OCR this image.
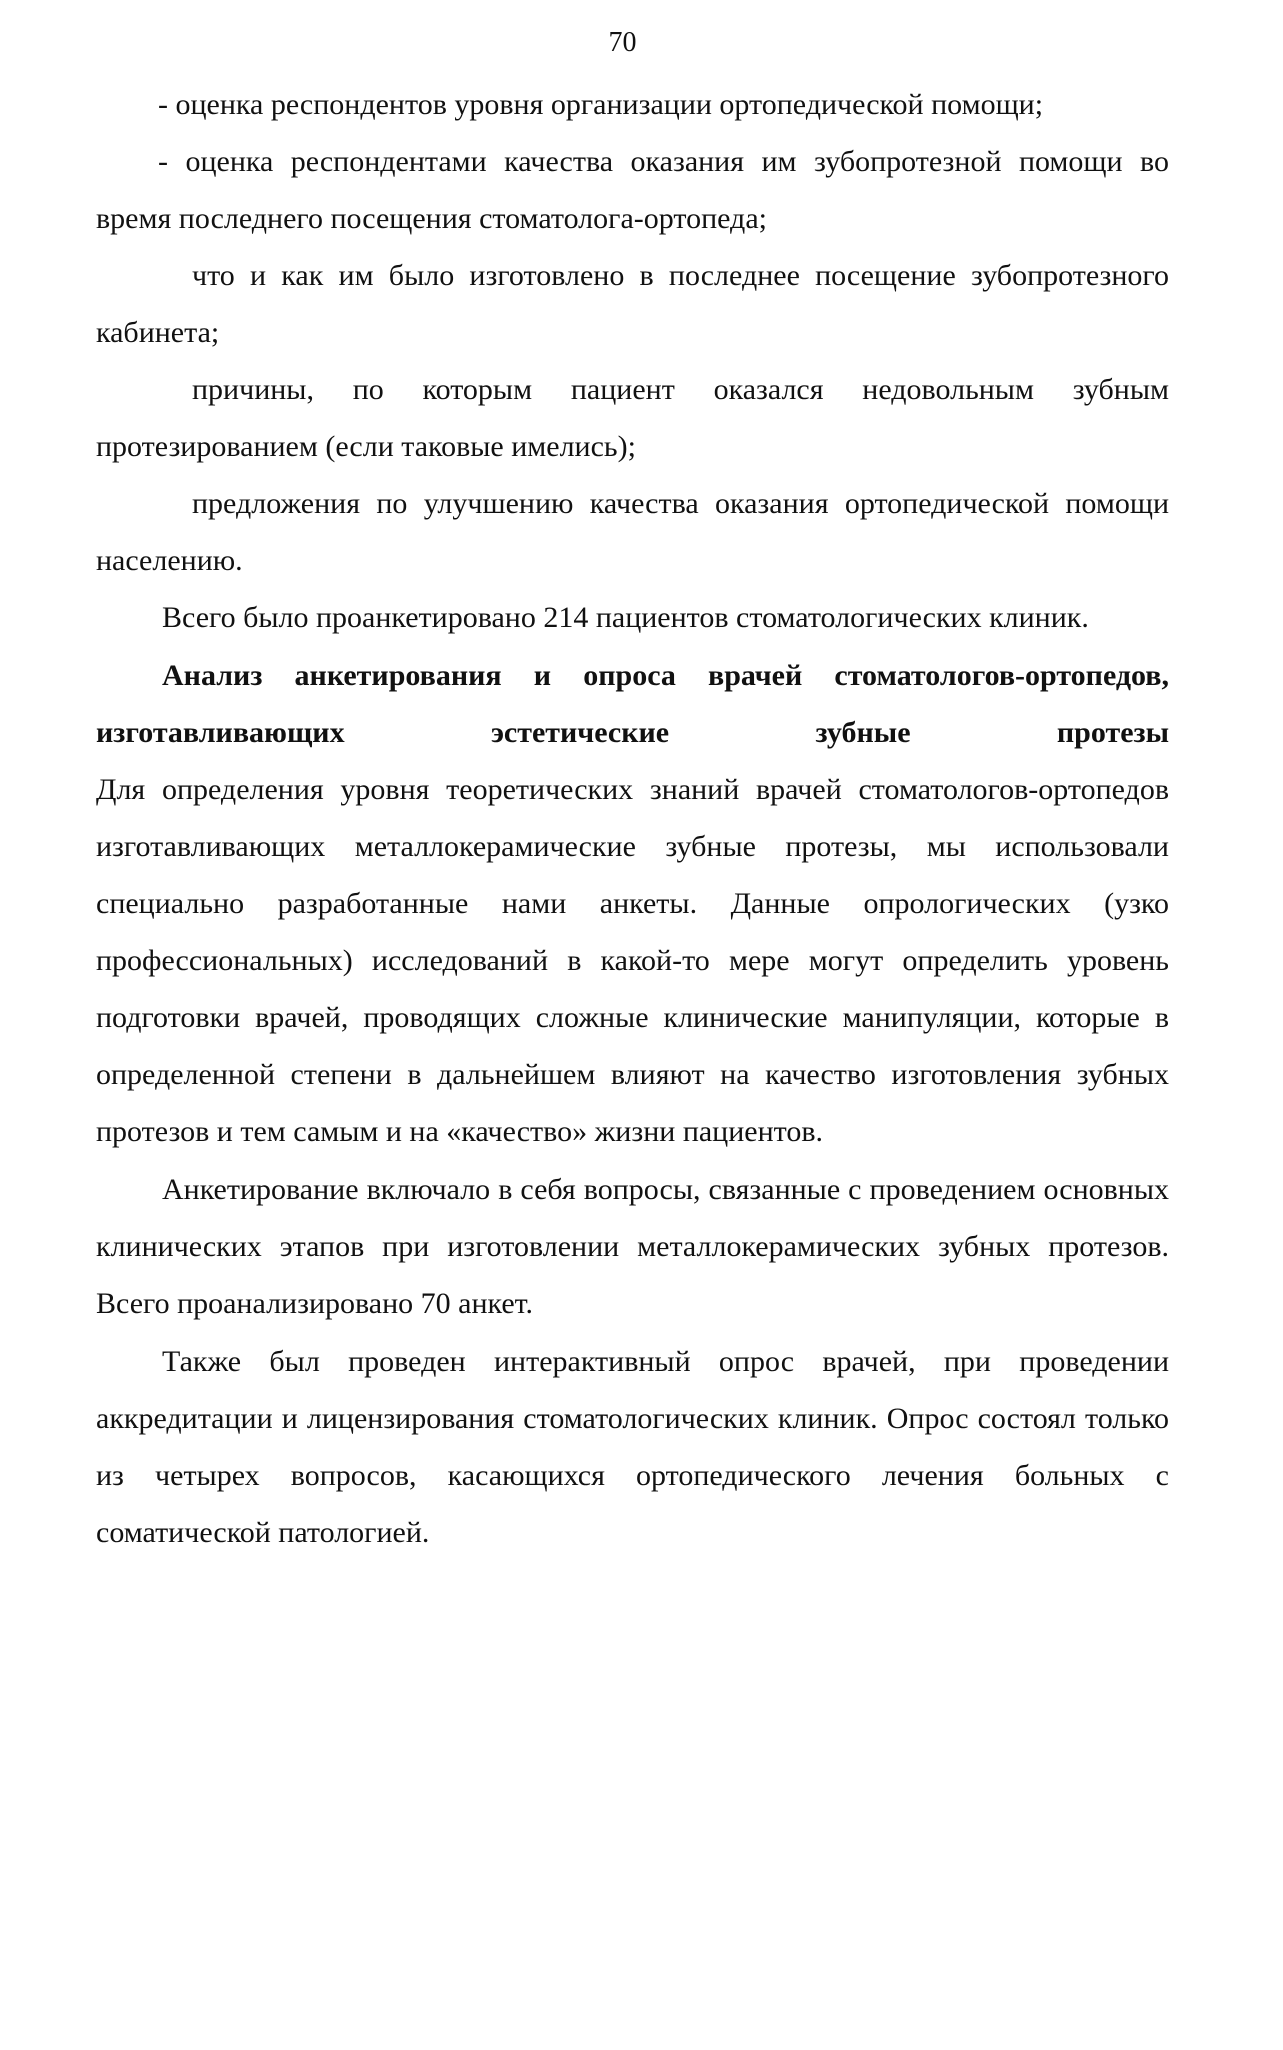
70

- оценка респондентов уровня организации ортопедической помощи;

- оценка респондентами качества оказания им зубопротезной помощи во время последнего посещения стоматолога-ортопеда;

что и как им было изготовлено в последнее посещение зубопротезного кабинета;

причины, по которым пациент оказался недовольным зубным протезированием (если таковые имелись);

предложения по улучшению качества оказания ортопедической помощи населению.

Всего было проанкетировано 214 пациентов стоматологических клиник.

Анализ анкетирования и опроса врачей стоматологов-ортопедов,

изготавливающих эстетические зубные протезы

Для определения уровня теоретических знаний врачей стоматологов-ортопедов изготавливающих металлокерамические зубные протезы, мы использовали специально разработанные нами анкеты. Данные опрологических (узко профессиональных) исследований в какой-то мере могут определить уровень подготовки врачей, проводящих сложные клинические манипуляции, которые в определенной степени в дальнейшем влияют на качество изготовления зубных протезов и тем самым и на «качество» жизни пациентов.

Анкетирование включало в себя вопросы, связанные с проведением основных клинических этапов при изготовлении металлокерамических зубных протезов. Всего проанализировано 70 анкет.

Также был проведен интерактивный опрос врачей, при проведении аккредитации и лицензирования стоматологических клиник. Опрос состоял только из четырех вопросов, касающихся ортопедического лечения больных с соматической патологией.
